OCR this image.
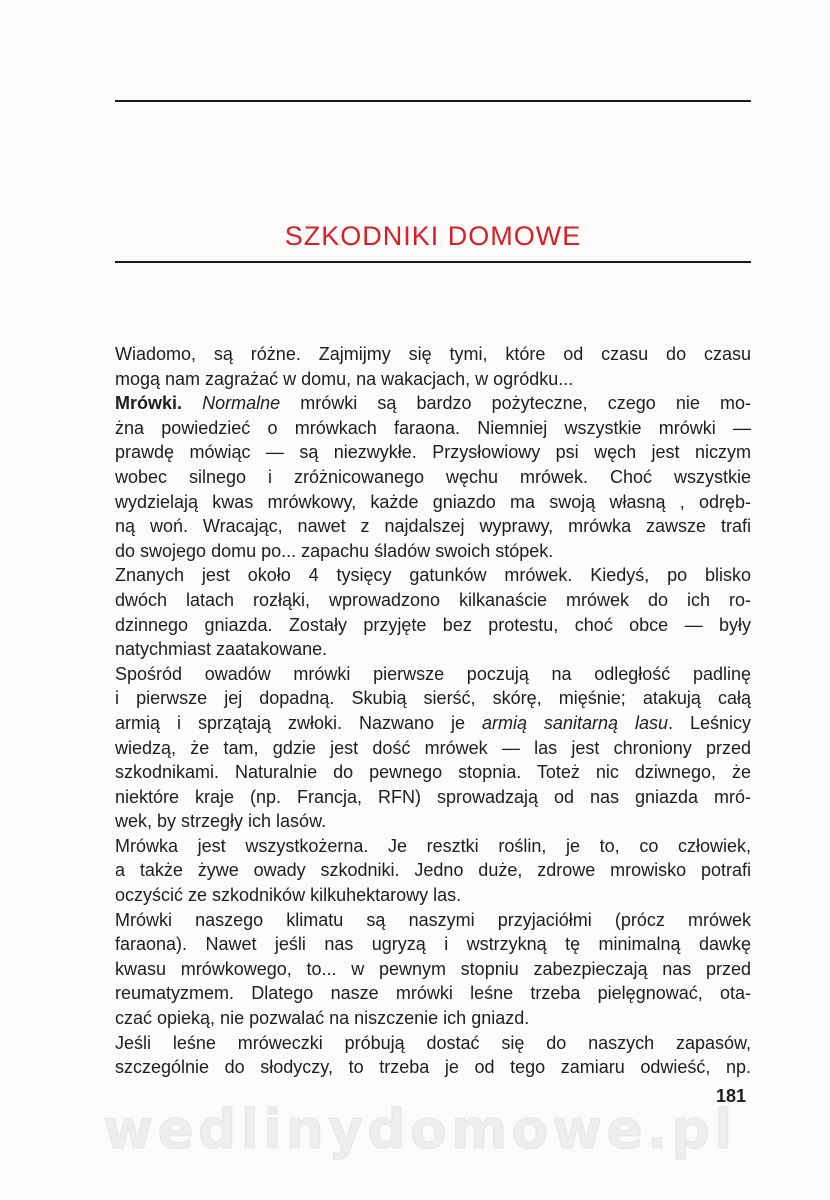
SZKODNIKI DOMOWE

Wiadomo, są różne. Zajmijmy się tymi, które od czasu do czasu
mogą nam zagrażać w domu, na wakacjach, w ogródku...

Mrówki. Normalne mrówki są bardzo pożyteczne, czego nie mo-
żna powiedzieć o mrówkach faraona. Niemniej wszystkie mrówki —
prawdę mówiąc — są niezwykłe. Przysłowiowy psi węch jest niczym
wobec silnego i zróżnicowanego węchu mrówek. Choć wszystkie
wydzielają kwas mrówkowy, każde gniazdo ma swoją własną , odręb-
ną woń. Wracając, nawet z najdalszej wyprawy, mrówka zawsze trafi
do swojego domu po... zapachu śladów swoich stópek.

Znanych jest około 4 tysięcy gatunków mrówek. Kiedyś, po blisko
dwóch latach rozłąki, wprowadzono kilkanaście mrówek do ich ro-
dzinnego gniazda. Zostały przyjęte bez protestu, choć obce — były
natychmiast zaatakowane.

Spośród owadów mrówki pierwsze poczują na odległość padlinę
i pierwsze jej dopadną. Skubią sierść, skórę, mięśnie; atakują całą
armią i sprzątają zwłoki. Nazwano je armią sanitarną lasu. Leśnicy
wiedzą, że tam, gdzie jest dość mrówek — las jest chroniony przed
szkodnikami. Naturalnie do pewnego stopnia. Toteż nic dziwnego, że
niektóre kraje (np. Francja, RFN) sprowadzają od nas gniazda mró-
wek, by strzegły ich lasów.

Mrówka jest wszystkożerna. Je resztki roślin, je to, co człowiek,
a także żywe owady szkodniki. Jedno duże, zdrowe mrowisko potrafi
oczyścić ze szkodników kilkuhektarowy las.

Mrówki naszego klimatu są naszymi przyjaciółmi (prócz mrówek
faraona). Nawet jeśli nas ugryzą i wstrzykną tę minimalną dawkę
kwasu mrówkowego, to... w pewnym stopniu zabezpieczają nas przed
reumatyzmem. Dlatego nasze mrówki leśne trzeba pielęgnować, ota-
czać opieką, nie pozwalać na niszczenie ich gniazd.

Jeśli leśne mróweczki próbują dostać się do naszych zapasów,
szczególnie do słodyczy, to trzeba je od tego zamiaru odwieść, np.

181
wedlinydomowe.pl
